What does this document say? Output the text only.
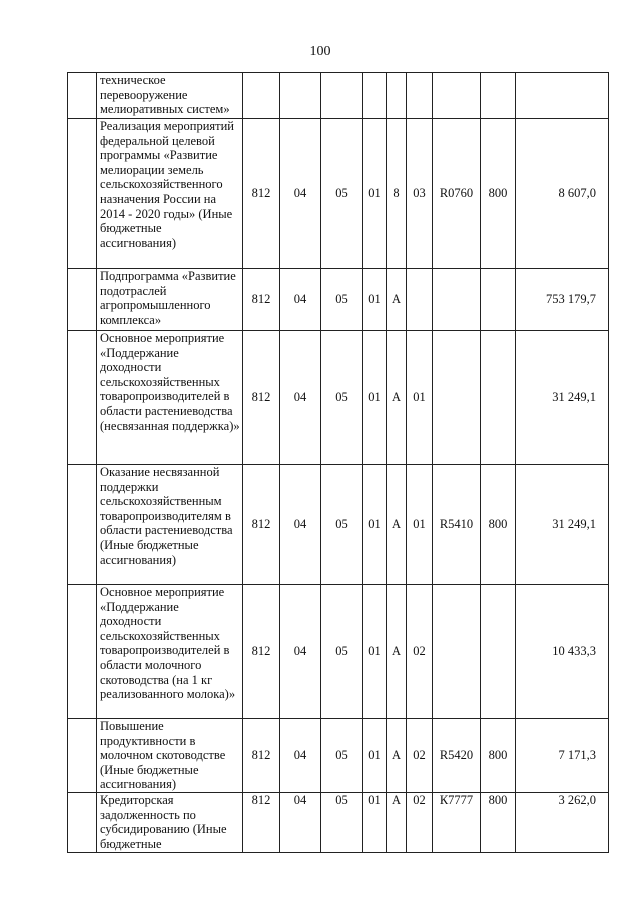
100
	техническое перевооружение мелиоративных систем»									
	Реализация мероприятий федеральной целевой программы «Развитие мелиорации земель сельскохозяйственного назначения России на 2014 - 2020 годы» (Иные бюджетные ассигнования)	812	04	05	01	8	03	R0760	800	8 607,0
	Подпрограмма «Развитие подотраслей агропромышленного комплекса»	812	04	05	01	А				753 179,7
	Основное мероприятие «Поддержание доходности сельскохозяйственных товаропроизводителей в области растениеводства (несвязанная поддержка)»	812	04	05	01	А	01			31 249,1
	Оказание несвязанной поддержки сельскохозяйственным товаропроизводителям в области растениеводства (Иные бюджетные ассигнования)	812	04	05	01	А	01	R5410	800	31 249,1
	Основное мероприятие «Поддержание доходности сельскохозяйственных товаропроизводителей в области молочного скотоводства (на 1 кг реализованного молока)»	812	04	05	01	А	02			10 433,3
	Повышение продуктивности в молочном скотоводстве (Иные бюджетные ассигнования)	812	04	05	01	А	02	R5420	800	7 171,3
	Кредиторская задолженность по субсидированию (Иные бюджетные	812	04	05	01	А	02	К7777	800	3 262,0
